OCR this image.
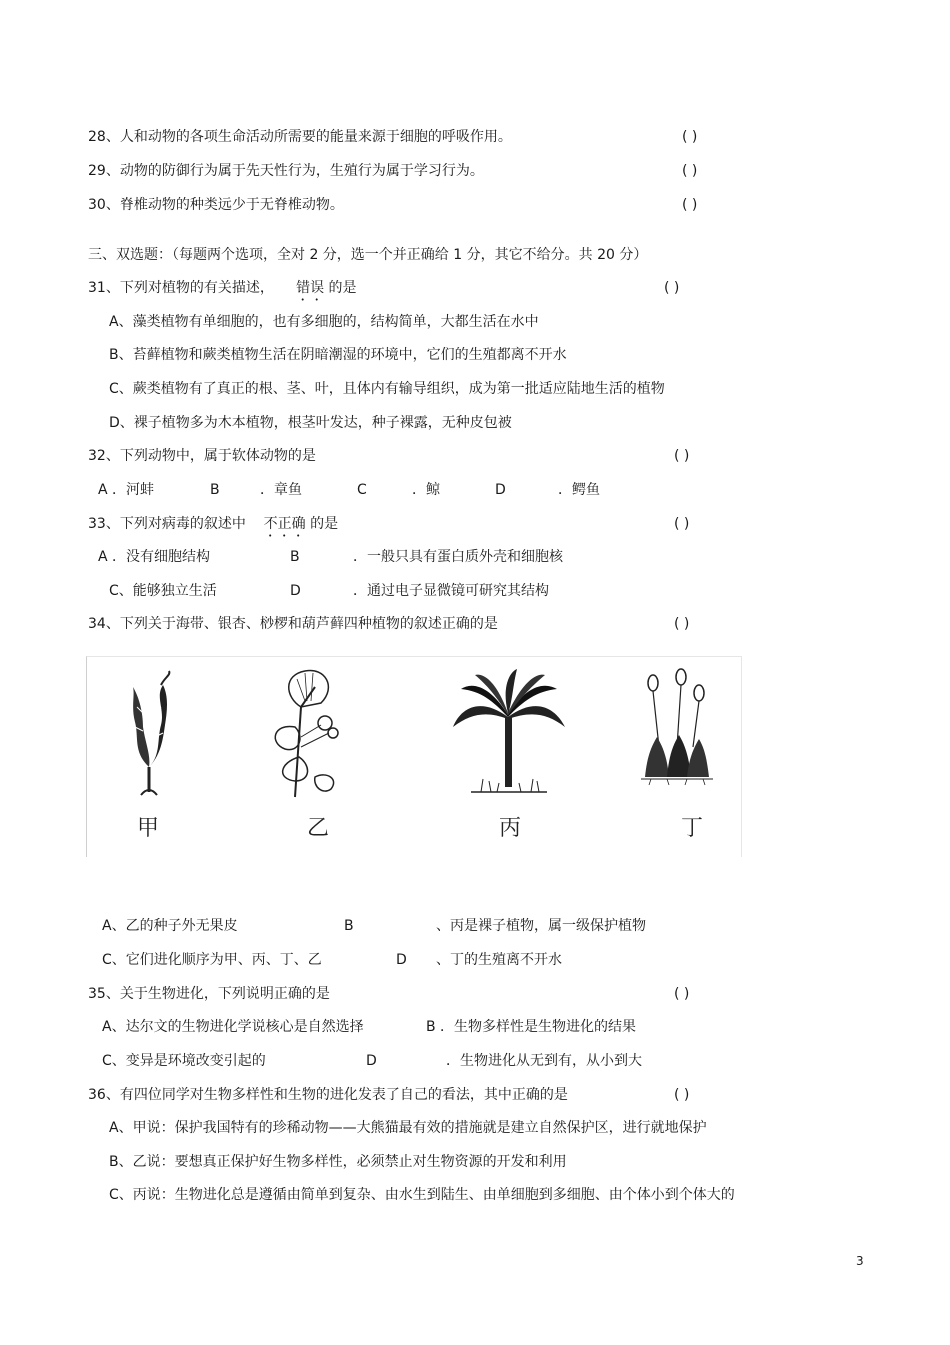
28、人和动物的各项生命活动所需要的能量来源于细胞的呼吸作用。	( )
29、动物的防御行为属于先天性行为，生殖行为属于学习行为。	( )
30、脊椎动物的种类远少于无脊椎动物。	( )
三、双选题：（每题两个选项，全对 2 分，选一个并正确给 1 分，其它不给分。共 20 分）
31、下列对植物的有关描述， 错误 的是	( )
A、藻类植物有单细胞的，也有多细胞的，结构简单，大都生活在水中
B、苔藓植物和蕨类植物生活在阴暗潮湿的环境中，它们的生殖都离不开水
C、蕨类植物有了真正的根、茎、叶，且体内有输导组织，成为第一批适应陆地生活的植物
D、裸子植物多为木本植物，根茎叶发达，种子裸露，无种皮包被
32、下列动物中，属于软体动物的是	( )
A ．河蚌	B	．章鱼	C	．鲸	D	．鳄鱼
33、下列对病毒的叙述中 不正确 的是	( )
A ．没有细胞结构	B	．一般只具有蛋白质外壳和细胞核
C、能够独立生活	D	．通过电子显微镜可研究其结构
34、下列关于海带、银杏、桫椤和葫芦藓四种植物的叙述正确的是	( )
甲	乙	丙	丁
A、乙的种子外无果皮	B	、丙是裸子植物，属一级保护植物
C、它们进化顺序为甲、丙、丁、乙	D 、丁的生殖离不开水
35、关于生物进化，下列说明正确的是	( )
A、达尔文的生物进化学说核心是自然选择	B ．生物多样性是生物进化的结果
C、变异是环境改变引起的	D	．生物进化从无到有，从小到大
36、有四位同学对生物多样性和生物的进化发表了自己的看法，其中正确的是	( )
A、甲说：保护我国特有的珍稀动物——大熊猫最有效的措施就是建立自然保护区，进行就地保护
B、乙说：要想真正保护好生物多样性，必须禁止对生物资源的开发和利用
C、丙说：生物进化总是遵循由简单到复杂、由水生到陆生、由单细胞到多细胞、由个体小到个体大的
3
